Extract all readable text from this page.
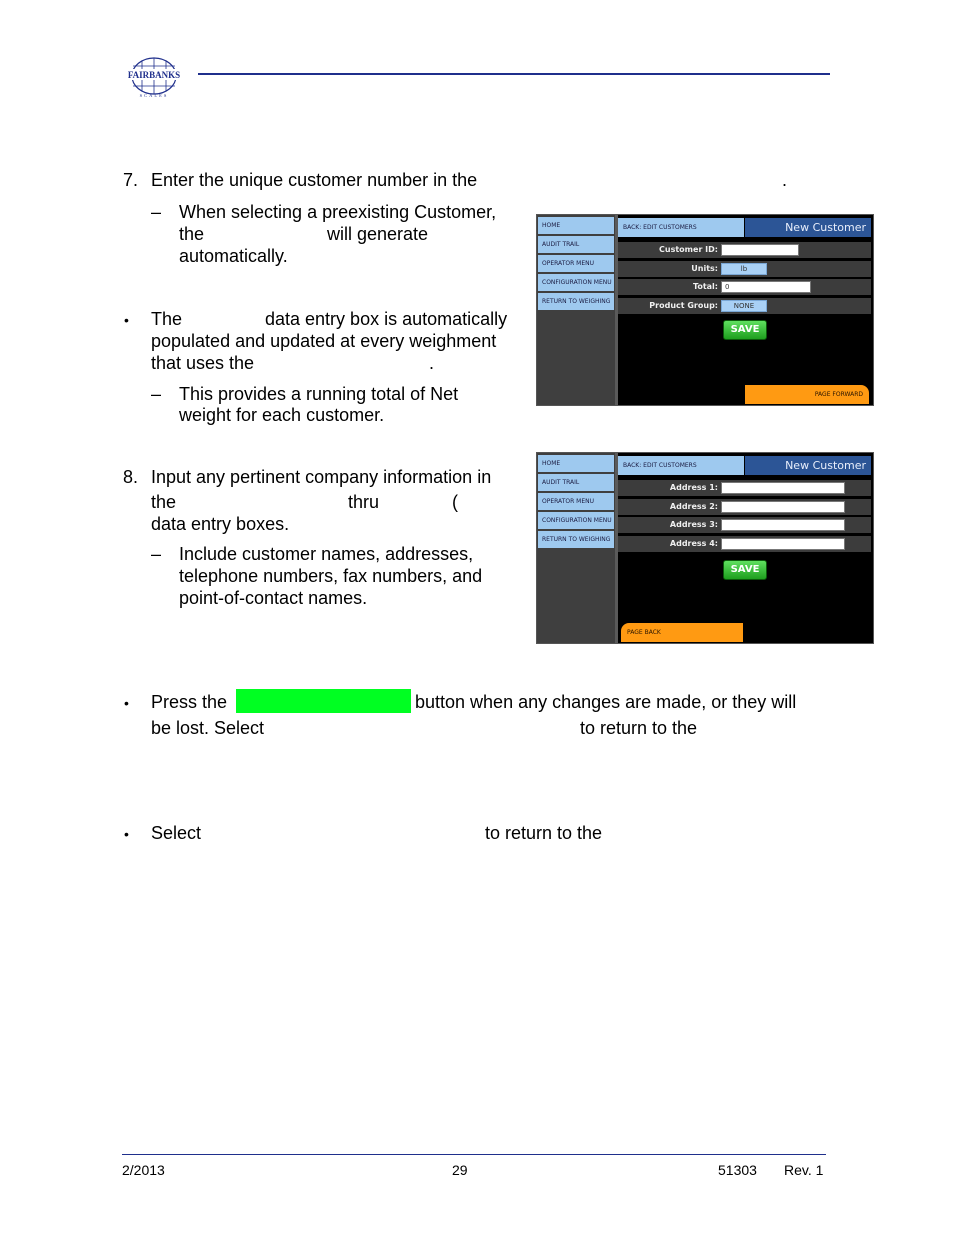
FAIRBANKS
SCALES
7. Enter the unique customer number in the	.
– When selecting a preexisting Customer,
the	will generate
automatically.
• The	data entry box is automatically
populated and updated at every weighment
that uses the	.
– This provides a running total of Net
weight for each customer.
8. Input any pertinent company information in
the	thru	(
data entry boxes.
– Include customer names, addresses,
telephone numbers, fax numbers, and
point-of-contact names.
HOME
AUDIT TRAIL
OPERATOR MENU
CONFIGURATION MENU
RETURN TO WEIGHING
BACK: EDIT CUSTOMERS	New Customer
Customer ID:
Units:	lb
Total:	0
Product Group:	NONE
SAVE
PAGE FORWARD
HOME
AUDIT TRAIL
OPERATOR MENU
CONFIGURATION MENU
RETURN TO WEIGHING
BACK: EDIT CUSTOMERS	New Customer
Address 1:
Address 2:
Address 3:
Address 4:
SAVE
PAGE BACK
• Press the	button when any changes are made, or they will
be lost. Select	to return to the
• Select	to return to the
2/2013	29	51303 Rev. 1
